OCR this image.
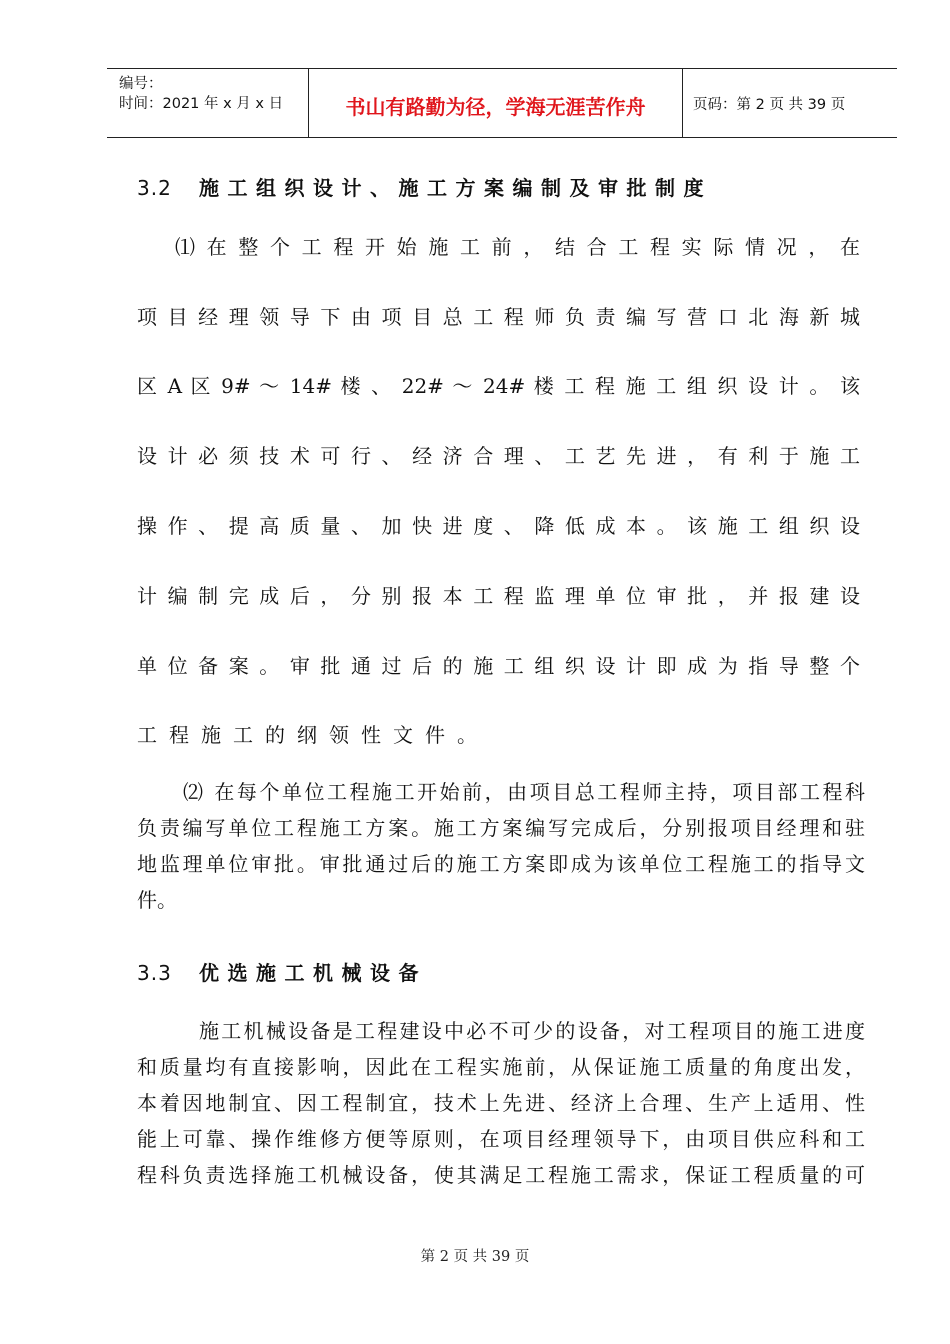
编号：
时间：2021 年 x 月 x 日	书山有路勤为径，学海无涯苦作舟	页码：第 2 页 共 39 页
3.2 施工组织设计、施工方案编制及审批制度
⑴ 在 整 个 工 程 开 始 施 工 前 ， 结 合 工 程 实 际 情 况 ， 在
项 目 经 理 领 导 下 由 项 目 总 工 程 师 负 责 编 写 营 口 北 海 新 城
区 A 区 9# ～ 14# 楼 、 22# ～ 24# 楼 工 程 施 工 组 织 设 计 。 该
设 计 必 须 技 术 可 行 、 经 济 合 理 、 工 艺 先 进 ， 有 利 于 施 工
操 作 、 提 高 质 量 、 加 快 进 度 、 降 低 成 本 。 该 施 工 组 织 设
计 编 制 完 成 后 ， 分 别 报 本 工 程 监 理 单 位 审 批 ， 并 报 建 设
单 位 备 案 。 审 批 通 过 后 的 施 工 组 织 设 计 即 成 为 指 导 整 个
工程施工的纲领性文件。
⑵ 在每个单位工程施工开始前，由项目总工程师主持，项目部工程科
负责编写单位工程施工方案。施工方案编写完成后，分别报项目经理和驻
地监理单位审批。审批通过后的施工方案即成为该单位工程施工的指导文
件。
3.3 优选施工机械设备
施工机械设备是工程建设中必不可少的设备，对工程项目的施工进度
和质量均有直接影响，因此在工程实施前，从保证施工质量的角度出发，
本着因地制宜、因工程制宜，技术上先进、经济上合理、生产上适用、性
能上可靠、操作维修方便等原则，在项目经理领导下，由项目供应科和工
程科负责选择施工机械设备，使其满足工程施工需求，保证工程质量的可
第 2 页 共 39 页
